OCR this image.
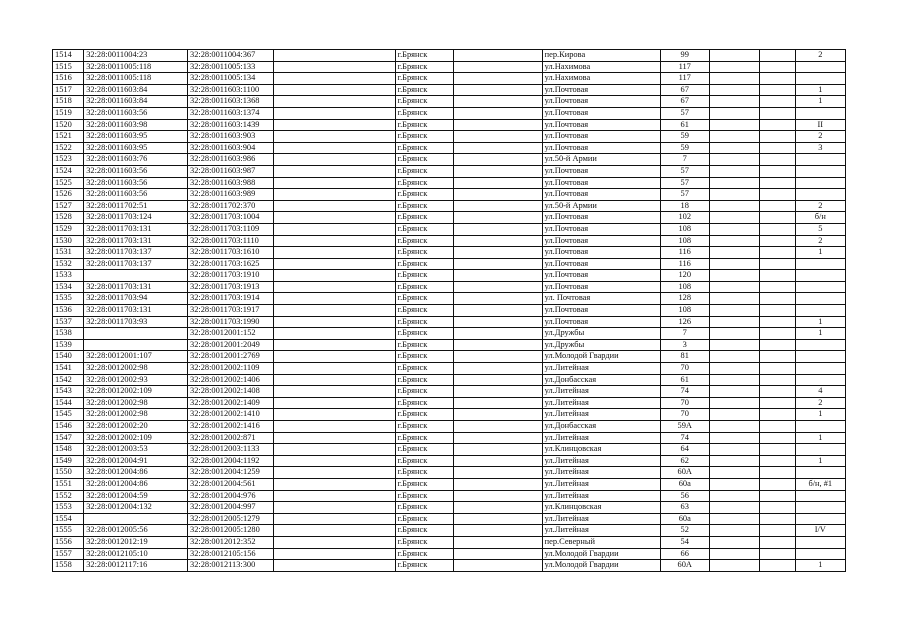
1514	32:28:0011004:23	32:28:0011004:367		г.Брянск		пер.Кирова	99			2
1515	32:28:0011005:118	32:28:0011005:133		г.Брянск		ул.Нахимова	117			
1516	32:28:0011005:118	32:28:0011005:134		г.Брянск		ул.Нахимова	117			
1517	32:28:0011603:84	32:28:0011603:1100		г.Брянск		ул.Почтовая	67			1
1518	32:28:0011603:84	32:28:0011603:1368		г.Брянск		ул.Почтовая	67			1
1519	32:28:0011603:56	32:28:0011603:1374		г.Брянск		ул.Почтовая	57			
1520	32:28:0011603:98	32:28:0011603:1439		г.Брянск		ул.Почтовая	61			II
1521	32:28:0011603:95	32:28:0011603:903		г.Брянск		ул.Почтовая	59			2
1522	32:28:0011603:95	32:28:0011603:904		г.Брянск		ул.Почтовая	59			3
1523	32:28:0011603:76	32:28:0011603:986		г.Брянск		ул.50-й Армии	7			
1524	32:28:0011603:56	32:28:0011603:987		г.Брянск		ул.Почтовая	57			
1525	32:28:0011603:56	32:28:0011603:988		г.Брянск		ул.Почтовая	57			
1526	32:28:0011603:56	32:28:0011603:989		г.Брянск		ул.Почтовая	57			
1527	32:28:0011702:51	32:28:0011702:370		г.Брянск		ул.50-й Армии	18			2
1528	32:28:0011703:124	32:28:0011703:1004		г.Брянск		ул.Почтовая	102			б/н
1529	32:28:0011703:131	32:28:0011703:1109		г.Брянск		ул.Почтовая	108			5
1530	32:28:0011703:131	32:28:0011703:1110		г.Брянск		ул.Почтовая	108			2
1531	32:28:0011703:137	32:28:0011703:1610		г.Брянск		ул.Почтовая	116			1
1532	32:28:0011703:137	32:28:0011703:1625		г.Брянск		ул.Почтовая	116			
1533		32:28:0011703:1910		г.Брянск		ул.Почтовая	120			
1534	32:28:0011703:131	32:28:0011703:1913		г.Брянск		ул.Почтовая	108			
1535	32:28:0011703:94	32:28:0011703:1914		г.Брянск		ул. Почтовая	128			
1536	32:28:0011703:131	32:28:0011703:1917		г.Брянск		ул.Почтовая	108			
1537	32:28:0011703:93	32:28:0011703:1990		г.Брянск		ул.Почтовая	126			1
1538		32:28:0012001:152		г.Брянск		ул.Дружбы	7			1
1539		32:28:0012001:2049		г.Брянск		ул.Дружбы	3			
1540	32:28:0012001:107	32:28:0012001:2769		г.Брянск		ул.Молодой Гвардии	81			
1541	32:28:0012002:98	32:28:0012002:1109		г.Брянск		ул.Литейная	70			
1542	32:28:0012002:93	32:28:0012002:1406		г.Брянск		ул.Донбасская	61			
1543	32:28:0012002:109	32:28:0012002:1408		г.Брянск		ул.Литейная	74			4
1544	32:28:0012002:98	32:28:0012002:1409		г.Брянск		ул.Литейная	70			2
1545	32:28:0012002:98	32:28:0012002:1410		г.Брянск		ул.Литейная	70			1
1546	32:28:0012002:20	32:28:0012002:1416		г.Брянск		ул.Донбасская	59А			
1547	32:28:0012002:109	32:28:0012002:871		г.Брянск		ул.Литейная	74			1
1548	32:28:0012003:53	32:28:0012003:1133		г.Брянск		ул.Клинцовская	64			
1549	32:28:0012004:91	32:28:0012004:1192		г.Брянск		ул.Литейная	62			1
1550	32:28:0012004:86	32:28:0012004:1259		г.Брянск		ул.Литейная	60А			
1551	32:28:0012004:86	32:28:0012004:561		г.Брянск		ул.Литейная	60а			б/н, #1
1552	32:28:0012004:59	32:28:0012004:976		г.Брянск		ул.Литейная	56			
1553	32:28:0012004:132	32:28:0012004:997		г.Брянск		ул.Клинцовская	63			
1554		32:28:0012005:1279		г.Брянск		ул.Литейная	60а			
1555	32:28:0012005:56	32:28:0012005:1280		г.Брянск		ул.Литейная	52			I/V
1556	32:28:0012012:19	32:28:0012012:352		г.Брянск		пер.Северный	54			
1557	32:28:0012105:10	32:28:0012105:156		г.Брянск		ул.Молодой Гвардии	66			
1558	32:28:0012117:16	32:28:0012113:300		г.Брянск		ул.Молодой Гвардии	60А			1
